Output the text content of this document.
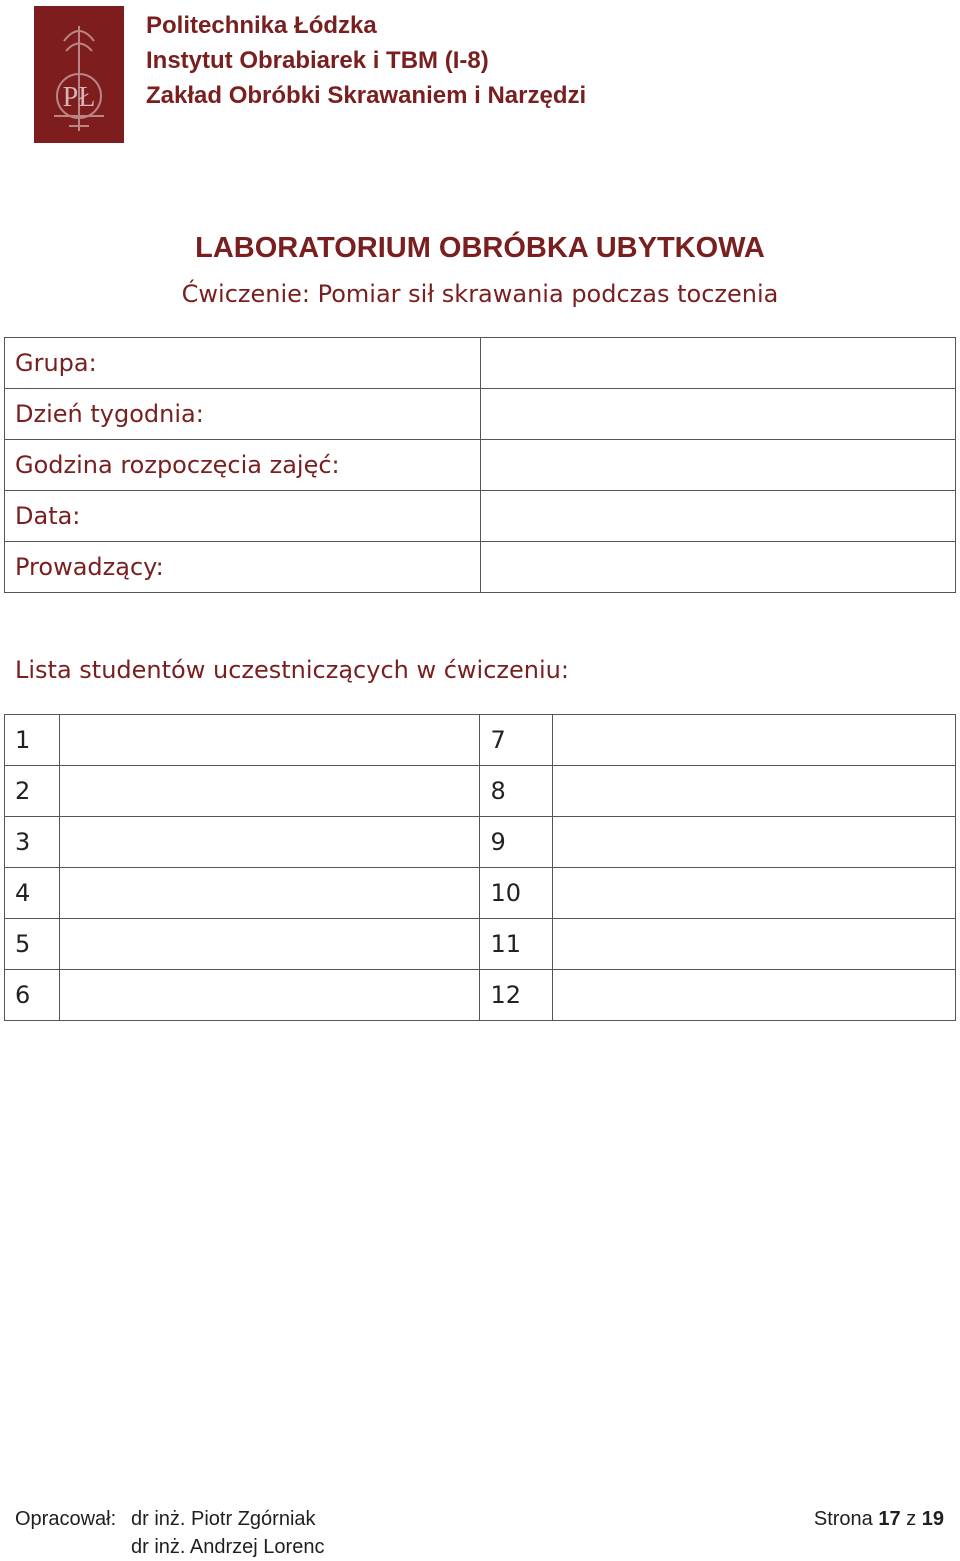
PŁ
Politechnika Łódzka
Instytut Obrabiarek i TBM (I-8)
Zakład Obróbki Skrawaniem i Narzędzi
LABORATORIUM OBRÓBKA UBYTKOWA
Ćwiczenie: Pomiar sił skrawania podczas toczenia
Grupa:	
Dzień tygodnia:	
Godzina rozpoczęcia zajęć:	
Data:	
Prowadzący:	
Lista studentów uczestniczących w ćwiczeniu:
1		7	
2		8	
3		9	
4		10	
5		11	
6		12	
Opracował: dr inż. Piotr Zgórniak
dr inż. Andrzej Lorenc
Strona 17 z 19
